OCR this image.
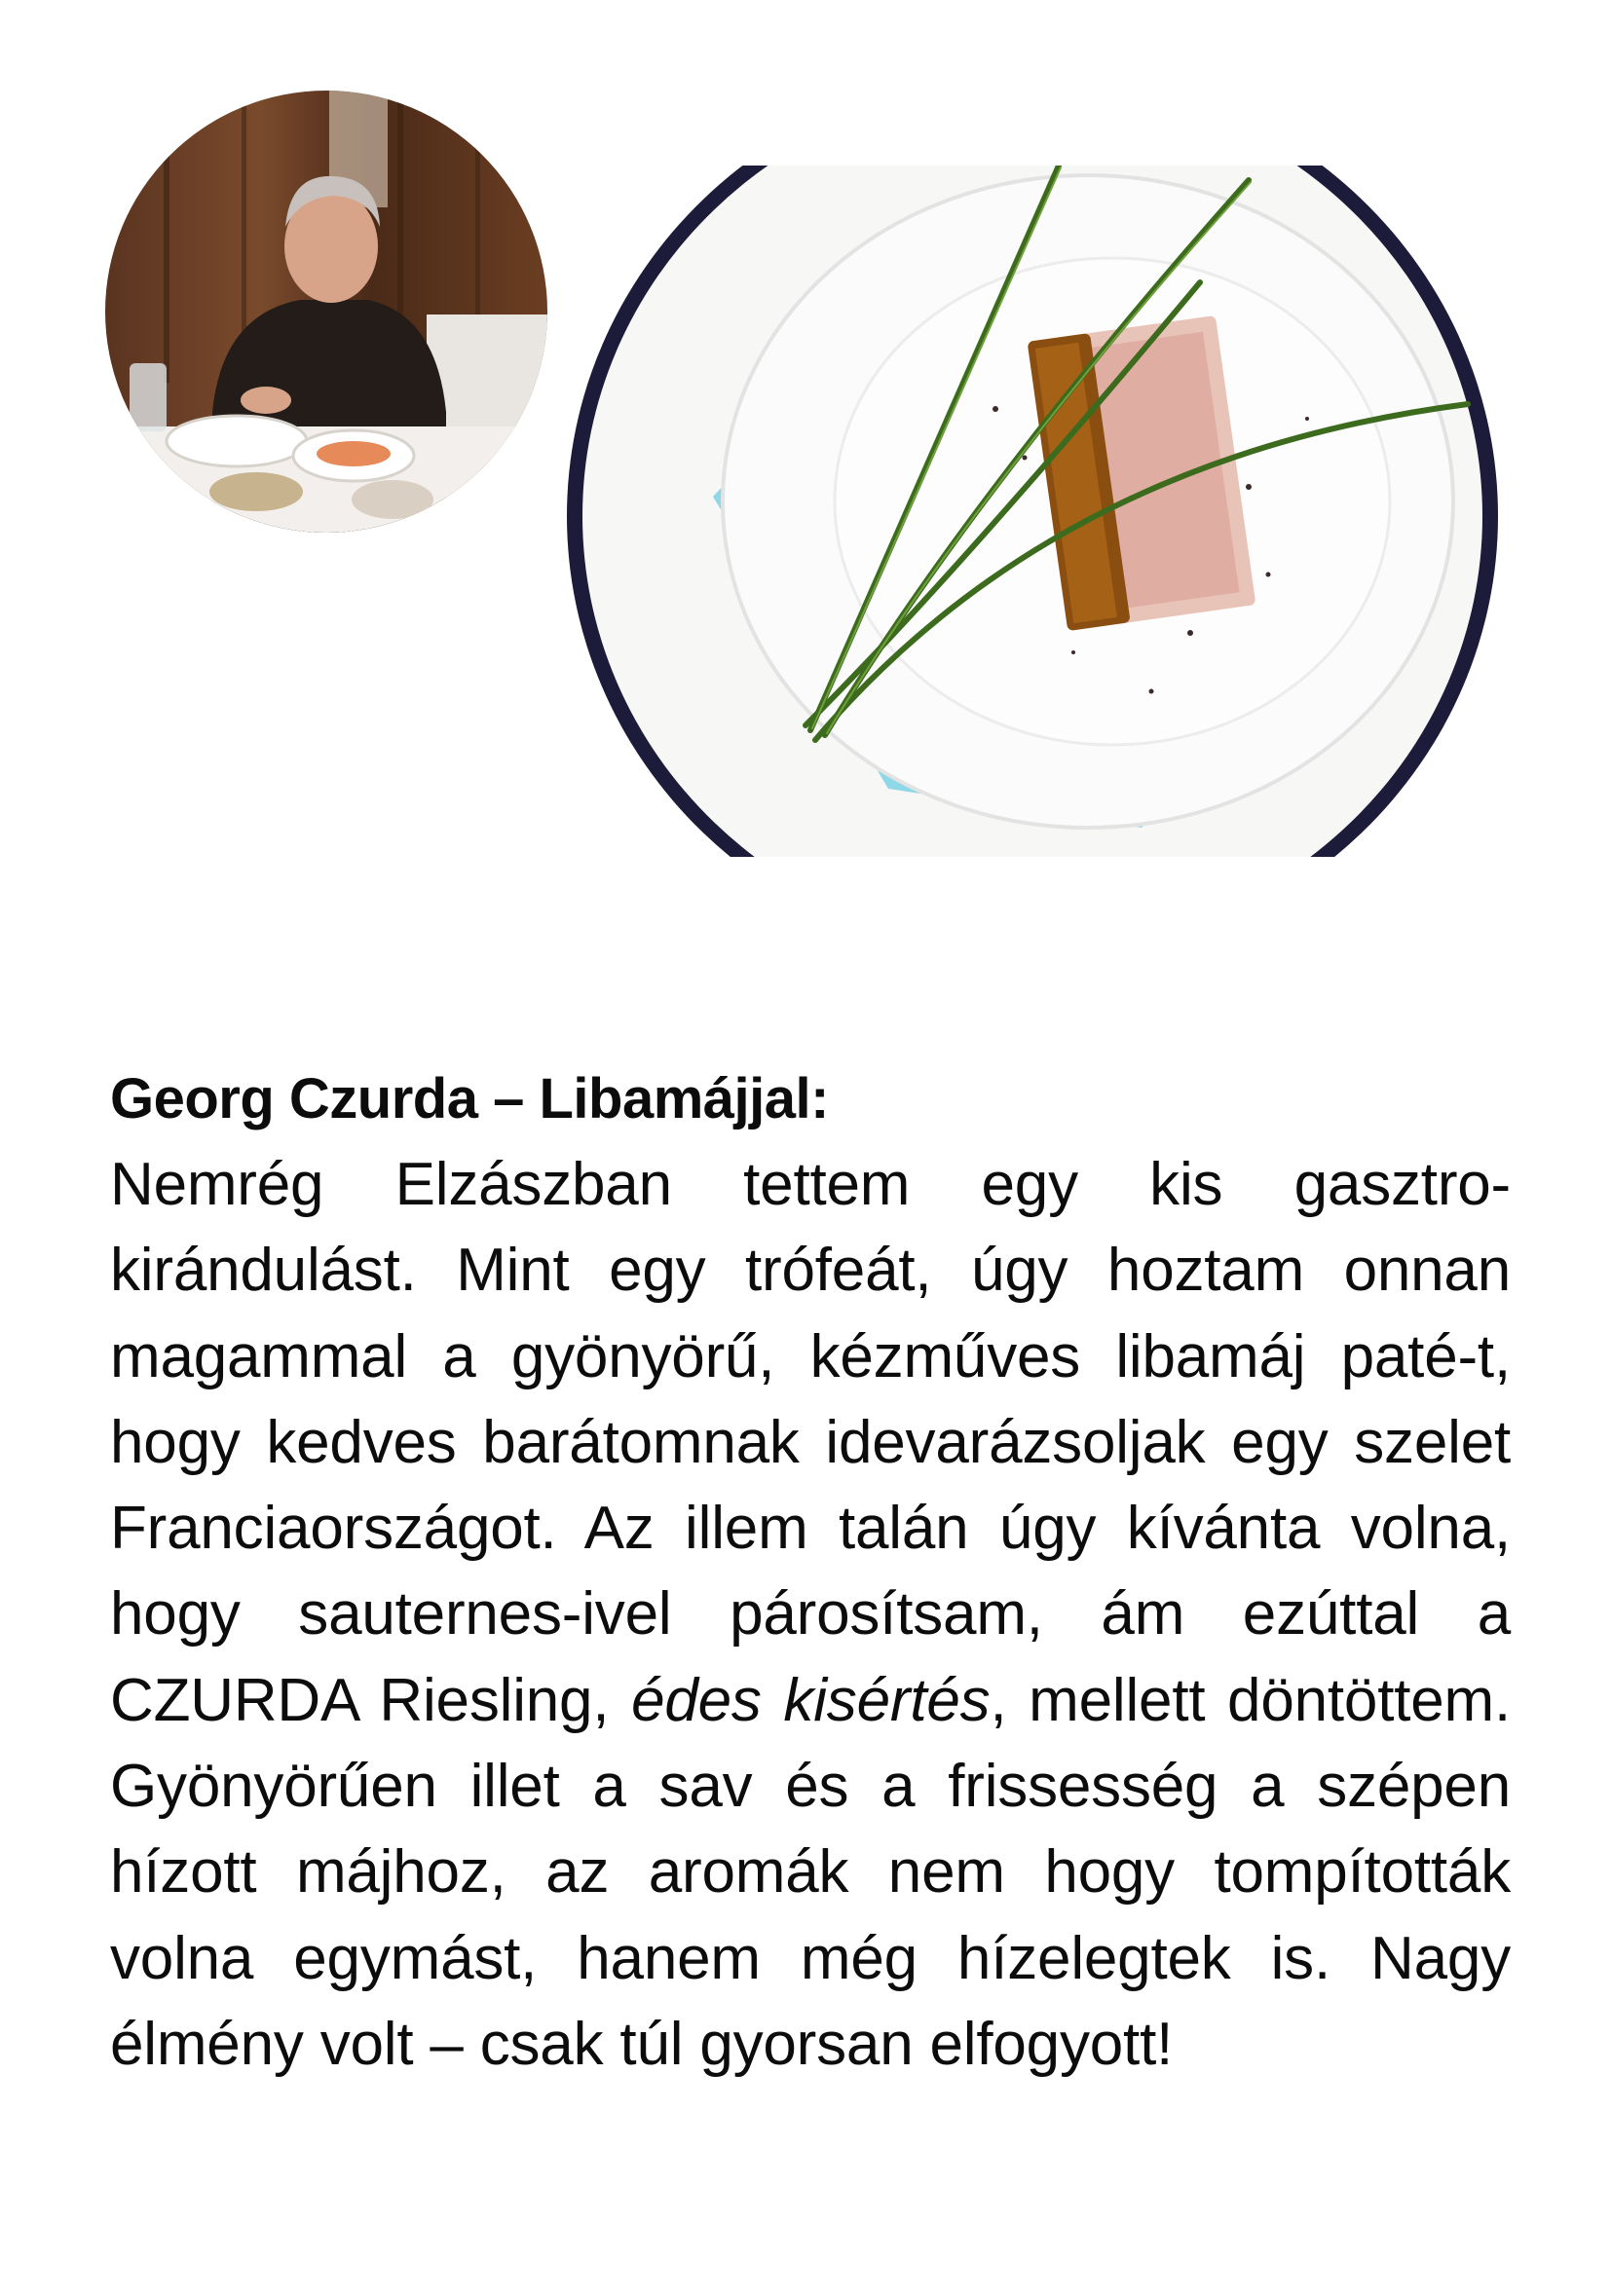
Georg Czurda – Libamájjal:

Nemrég Elzászban tettem egy kis gasztro-kirándulást. Mint egy trófeát, úgy hoztam onnan magammal a gyönyörű, kézműves libamáj paté-t, hogy kedves barátomnak idevarázsoljak egy szelet Franciaországot. Az illem talán úgy kívánta volna, hogy sauternes-ivel párosítsam, ám ezúttal a CZURDA Riesling, édes kisértés, mellett döntöttem. Gyönyörűen illet a sav és a frissesség a szépen hízott májhoz, az aromák nem hogy tompították volna egymást, hanem még hízelegtek is. Nagy élmény volt – csak túl gyorsan elfogyott!
